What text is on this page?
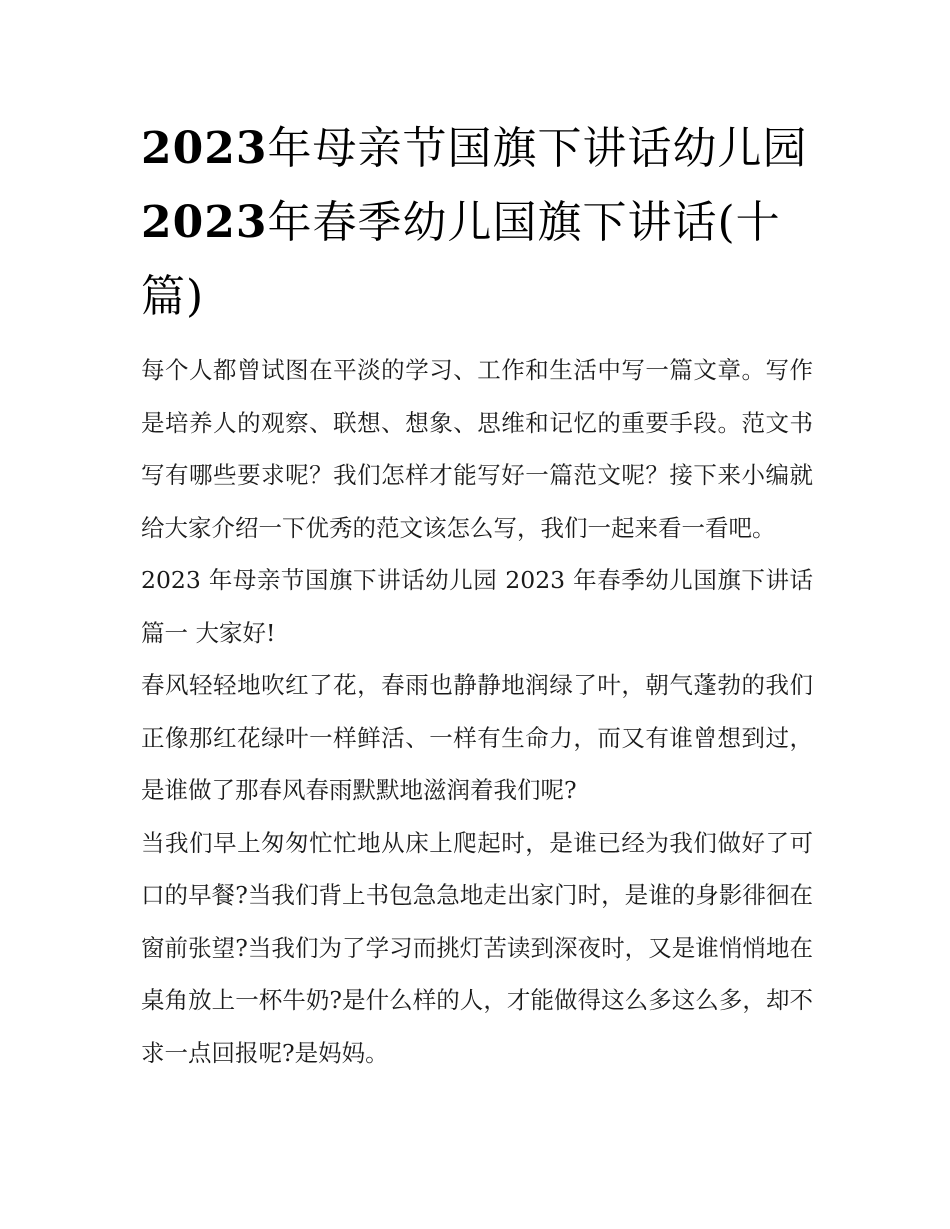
2023年母亲节国旗下讲话幼儿园 2023年春季幼儿国旗下讲话(十篇)

每个人都曾试图在平淡的学习、工作和生活中写一篇文章。写作是培养人的观察、联想、想象、思维和记忆的重要手段。范文书写有哪些要求呢？我们怎样才能写好一篇范文呢？接下来小编就给大家介绍一下优秀的范文该怎么写，我们一起来看一看吧。

2023 年母亲节国旗下讲话幼儿园 2023 年春季幼儿国旗下讲话篇一 大家好!

春风轻轻地吹红了花，春雨也静静地润绿了叶，朝气蓬勃的我们正像那红花绿叶一样鲜活、一样有生命力，而又有谁曾想到过，是谁做了那春风春雨默默地滋润着我们呢?

当我们早上匆匆忙忙地从床上爬起时，是谁已经为我们做好了可口的早餐?当我们背上书包急急地走出家门时，是谁的身影徘徊在窗前张望?当我们为了学习而挑灯苦读到深夜时，又是谁悄悄地在桌角放上一杯牛奶?是什么样的人，才能做得这么多这么多，却不求一点回报呢?是妈妈。
